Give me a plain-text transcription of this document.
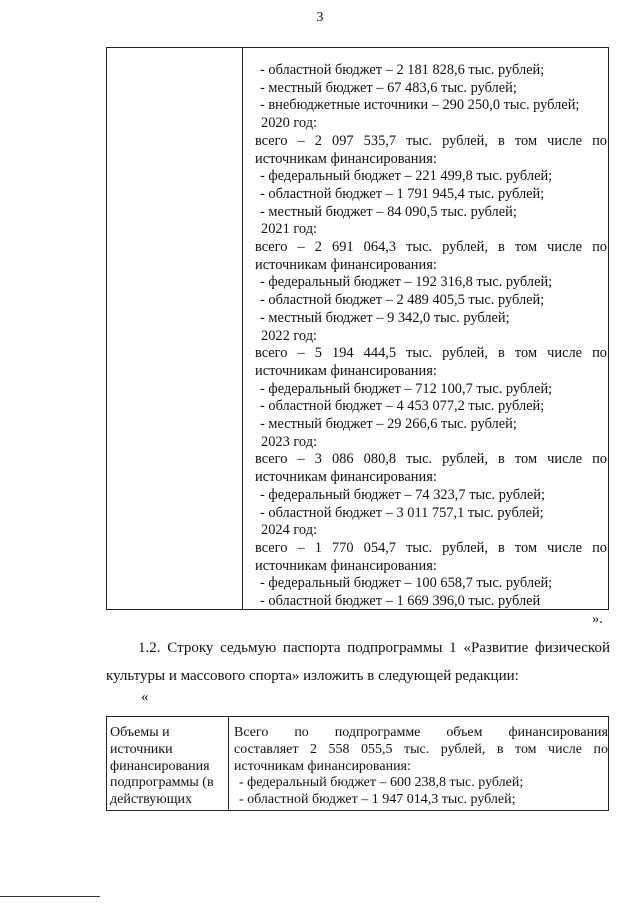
3
- областной бюджет – 2 181 828,6 тыс. рублей;
- местный бюджет – 67 483,6 тыс. рублей;
- внебюджетные источники – 290 250,0 тыс. рублей;
2020 год:
всего – 2 097 535,7 тыс. рублей, в том числе по
источникам финансирования:
- федеральный бюджет – 221 499,8 тыс. рублей;
- областной бюджет – 1 791 945,4 тыс. рублей;
- местный бюджет – 84 090,5 тыс. рублей;
2021 год:
всего – 2 691 064,3 тыс. рублей, в том числе по
источникам финансирования:
- федеральный бюджет – 192 316,8 тыс. рублей;
- областной бюджет – 2 489 405,5 тыс. рублей;
- местный бюджет – 9 342,0 тыс. рублей;
2022 год:
всего – 5 194 444,5 тыс. рублей, в том числе по
источникам финансирования:
- федеральный бюджет – 712 100,7 тыс. рублей;
- областной бюджет – 4 453 077,2 тыс. рублей;
- местный бюджет – 29 266,6 тыс. рублей;
2023 год:
всего – 3 086 080,8 тыс. рублей, в том числе по
источникам финансирования:
- федеральный бюджет – 74 323,7 тыс. рублей;
- областной бюджет – 3 011 757,1 тыс. рублей;
2024 год:
всего – 1 770 054,7 тыс. рублей, в том числе по
источникам финансирования:
- федеральный бюджет – 100 658,7 тыс. рублей;
- областной бюджет – 1 669 396,0 тыс. рублей
».
1.2. Строку седьмую паспорта подпрограммы 1 «Развитие физической
культуры и массового спорта» изложить в следующей редакции:
«
Объемы и
источники
финансирования
подпрограммы (в
действующих
Всего по подпрограмме объем финансирования
составляет 2 558 055,5 тыс. рублей, в том числе по
источникам финансирования:
- федеральный бюджет – 600 238,8 тыс. рублей;
- областной бюджет – 1 947 014,3 тыс. рублей;
